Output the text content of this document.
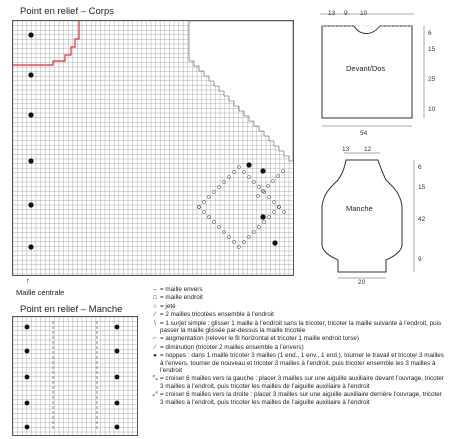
Point en relief – Corps
↑
Maille centrale
Point en relief – Manche
13 9 10
6
15
25
10
54
Devant/Dos
13 12
6
15
42
9
20
Manche
– = maille envers
□ = maille endroit
○ = jeté
∕ = 2 mailles tricotées ensemble à l’endroit
\ = 1 surjet simple : glisser 1 maille à l’endroit sans la tricoter, tricoter la maille suivante à l’endroit, puis passer la maille glissée par-dessus la maille tricotée
⌐ = augmentation (relever le fil horizontal et tricoter 1 maille endroit torse)
∕ = diminution (tricoter 2 mailles ensemble à l’envers)
● = noppes : dans 1 maille tricoter 3 mailles (1 end., 1 env., 1 end.), tourner le travail et tricoter 3 mailles à l’envers, tourner de nouveau et tricoter 3 mailles à l’endroit, puis tricoter ensemble les 3 mailles à l’endroit
⤡ = croiser 6 mailles vers la gauche : placer 3 mailles sur une aiguille auxiliaire devant l’ouvrage, tricoter 3 mailles à l’endroit, puis tricoter les mailles de l’aiguille auxiliaire à l’endroit
⤢ = croiser 6 mailles vers la droite : placer 3 mailles sur une aiguille auxiliaire derrière l’ouvrage, tricoter 3 mailles à l’endroit, puis tricoter les mailles de l’aiguille auxiliaire à l’endroit
